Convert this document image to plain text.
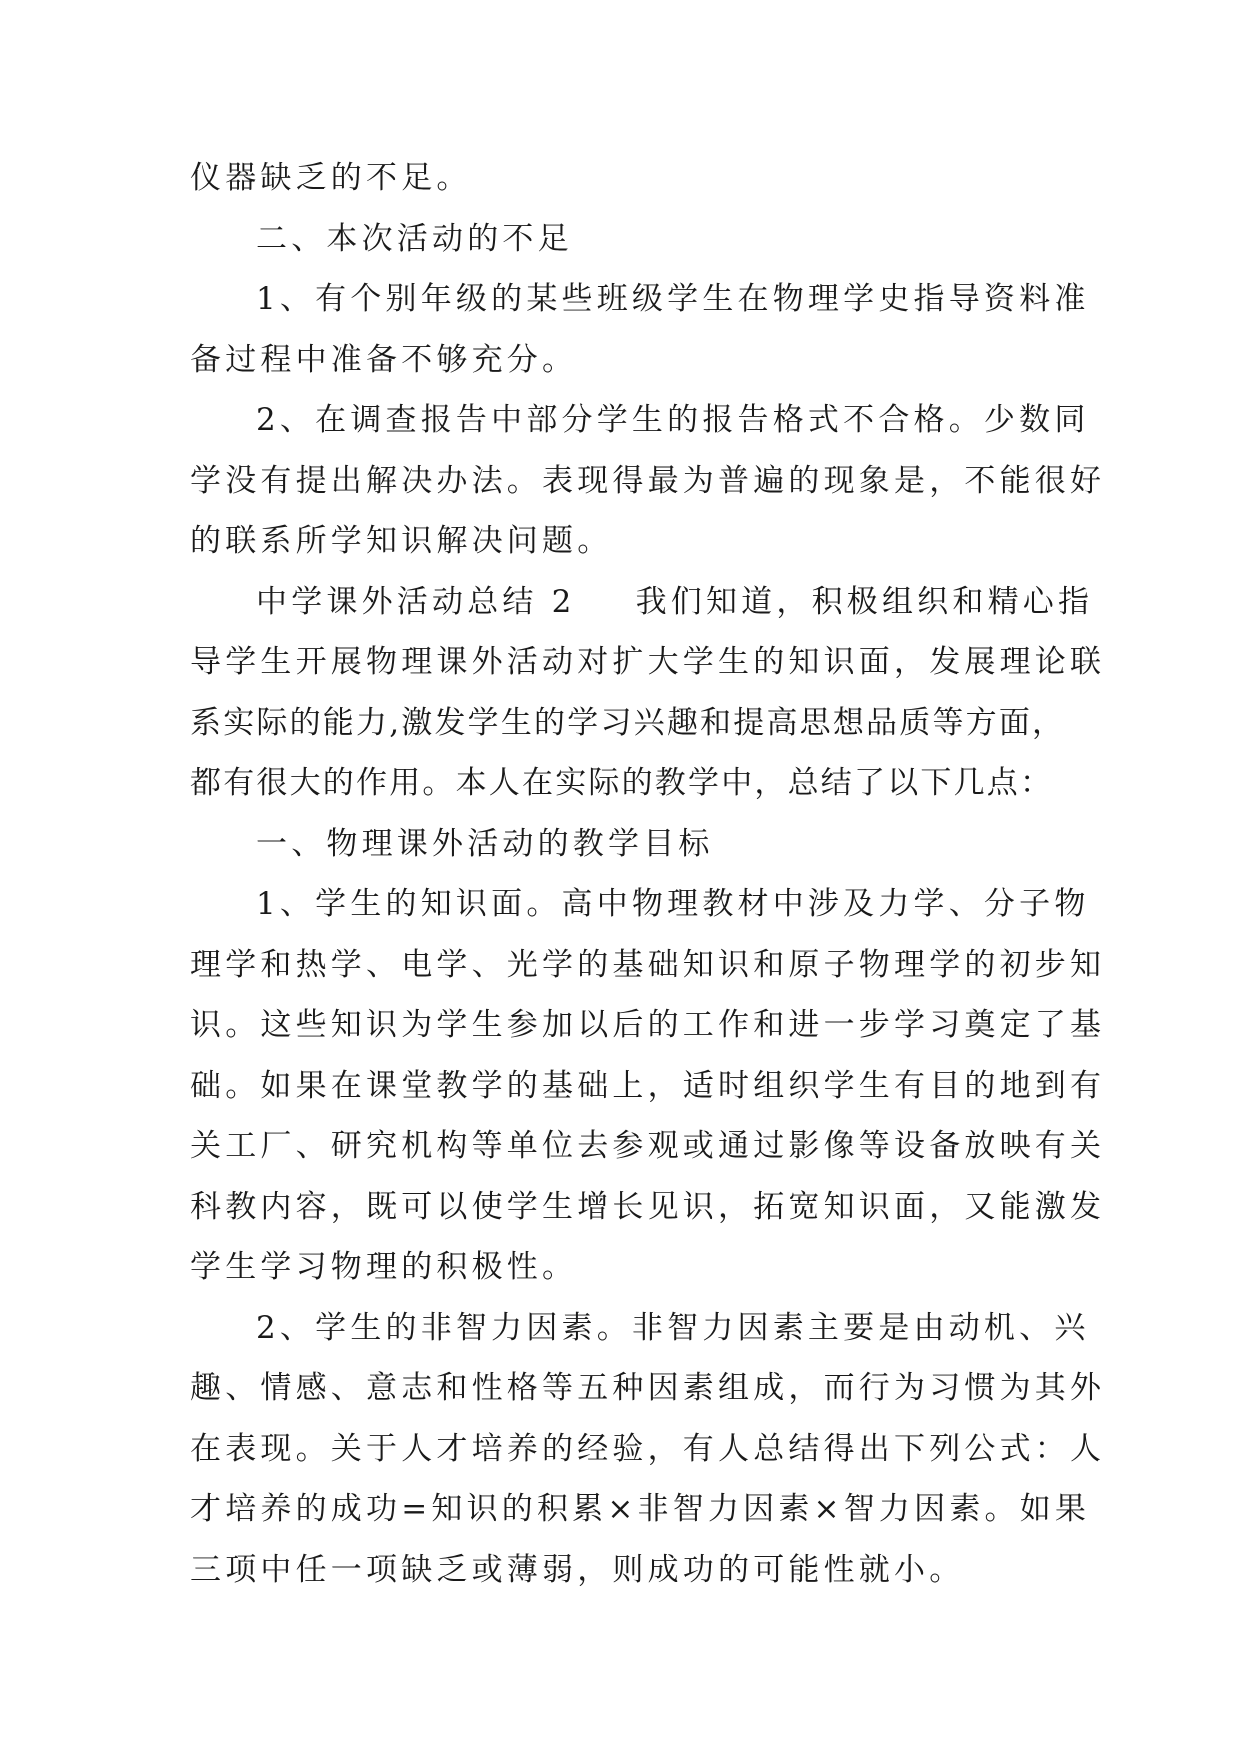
仪器缺乏的不足。
二、本次活动的不足
1、有个别年级的某些班级学生在物理学史指导资料准
备过程中准备不够充分。
2、在调查报告中部分学生的报告格式不合格。少数同
学没有提出解决办法。表现得最为普遍的现象是，不能很好
的联系所学知识解决问题。
中学课外活动总结 2 我们知道，积极组织和精心指
导学生开展物理课外活动对扩大学生的知识面，发展理论联
系实际的能力,激发学生的学习兴趣和提高思想品质等方面，
都有很大的作用。本人在实际的教学中，总结了以下几点：
一、物理课外活动的教学目标
1、学生的知识面。高中物理教材中涉及力学、分子物
理学和热学、电学、光学的基础知识和原子物理学的初步知
识。这些知识为学生参加以后的工作和进一步学习奠定了基
础。如果在课堂教学的基础上，适时组织学生有目的地到有
关工厂、研究机构等单位去参观或通过影像等设备放映有关
科教内容，既可以使学生增长见识，拓宽知识面，又能激发
学生学习物理的积极性。
2、学生的非智力因素。非智力因素主要是由动机、兴
趣、情感、意志和性格等五种因素组成，而行为习惯为其外
在表现。关于人才培养的经验，有人总结得出下列公式：人
才培养的成功=知识的积累×非智力因素×智力因素。如果
三项中任一项缺乏或薄弱，则成功的可能性就小。
